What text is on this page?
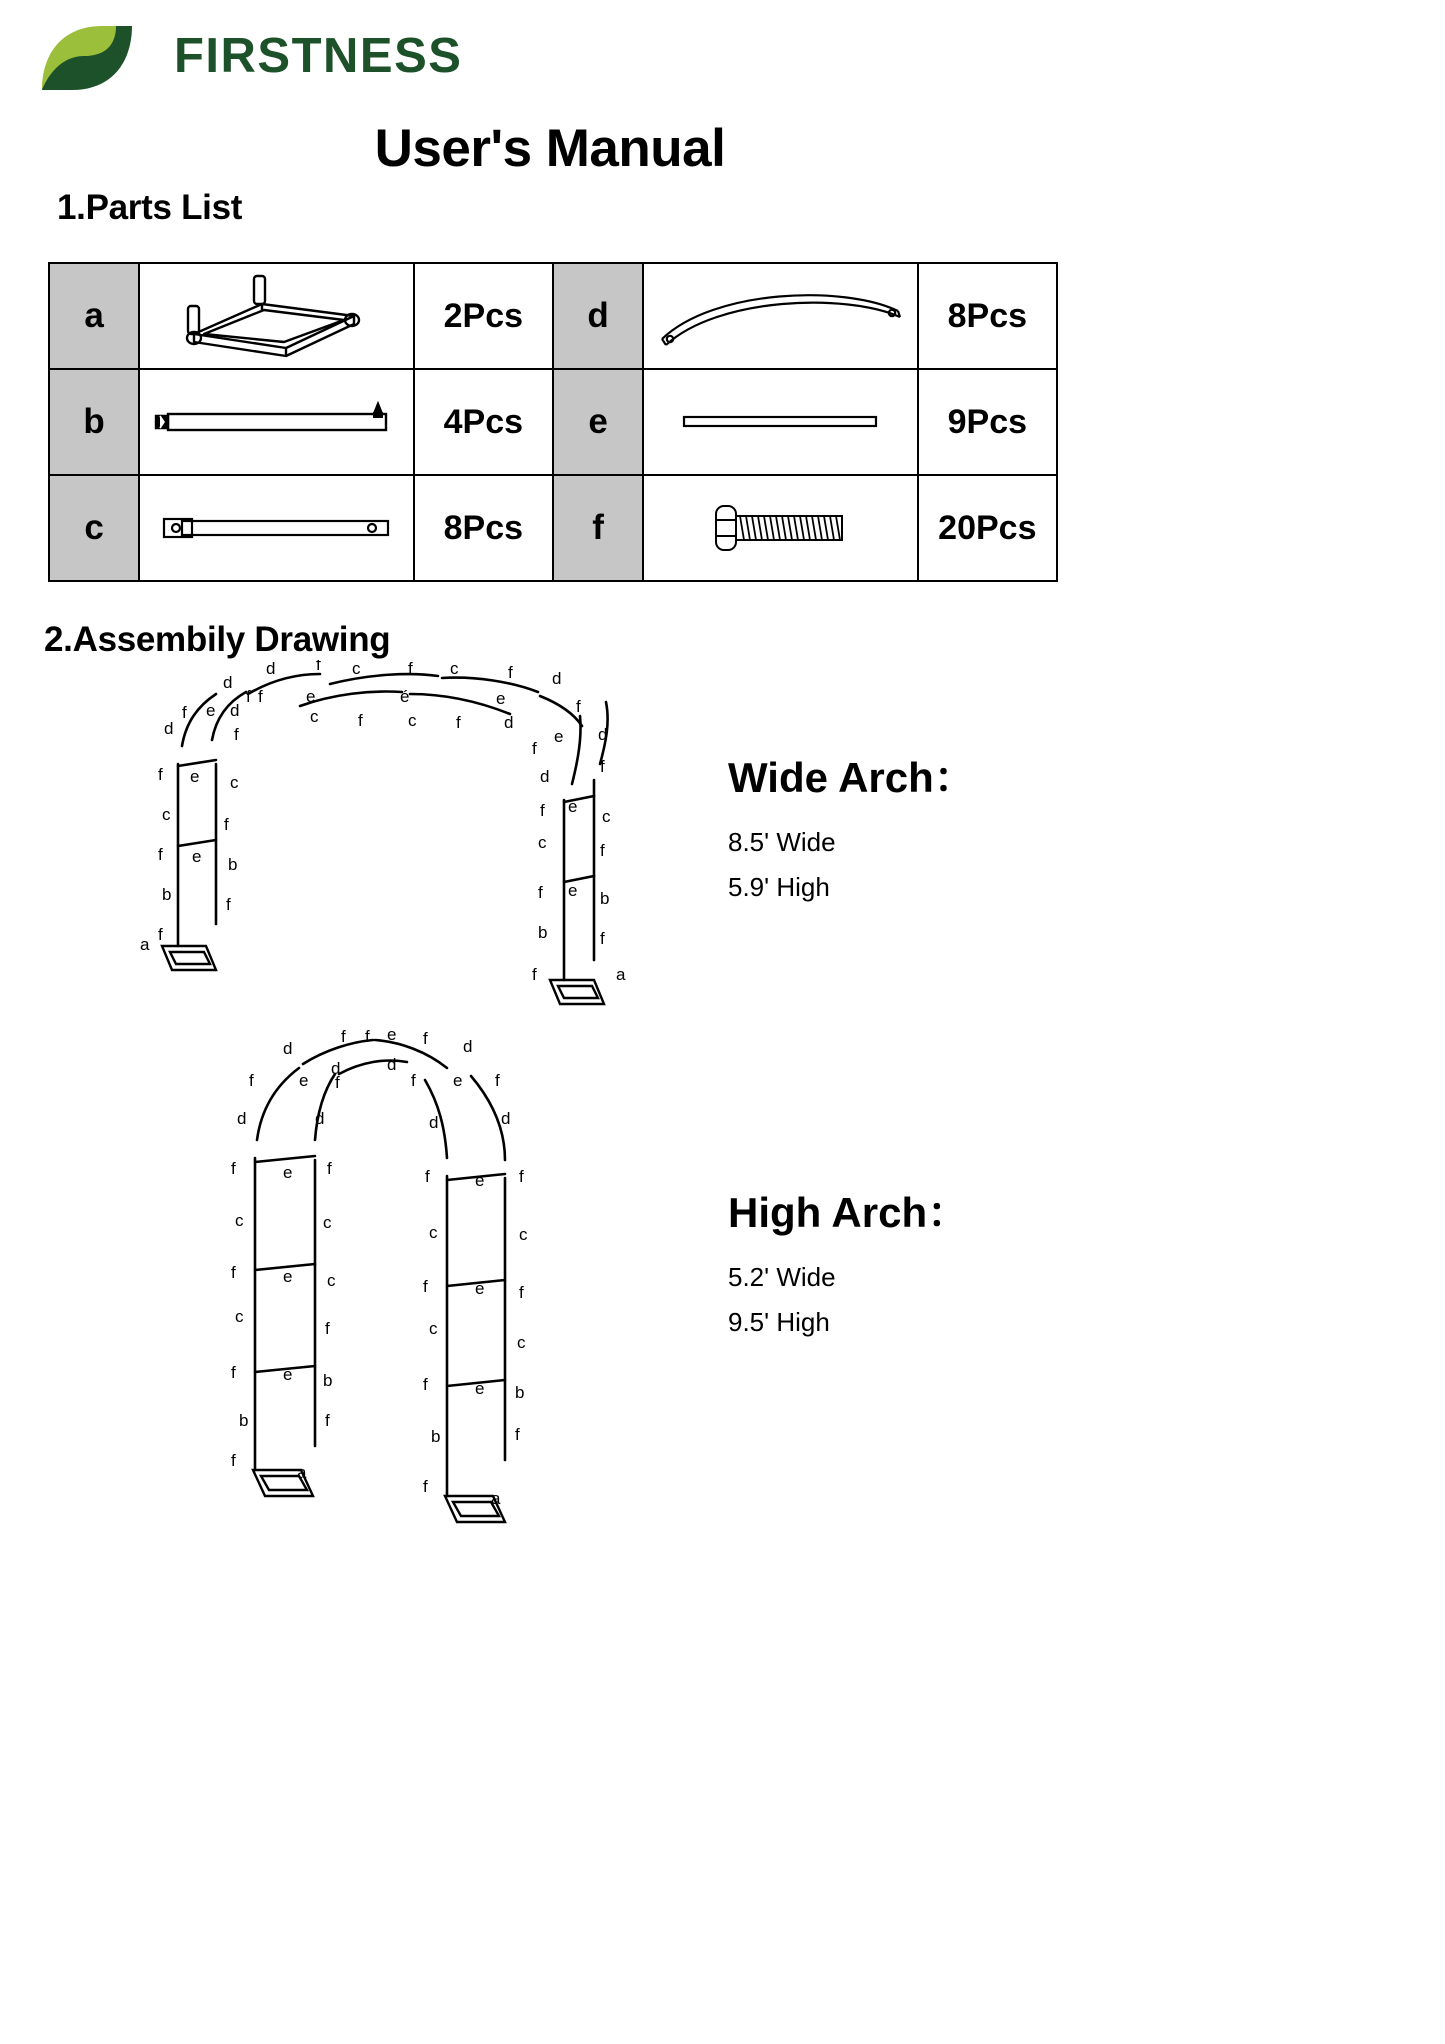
FIRSTNESS
User's Manual
1.Parts List
a		2Pcs	d		8Pcs
b		4Pcs	e		9Pcs
c		8Pcs	f		20Pcs
2.Assembily Drawing
d
d f c	f c	f d
e	é	e
c f	c f
f f
f e d
d	f
d
f
e d
f
f e c
c
f
f e b
b
f
f
a
d
f
f e
c
c	f
f e b
b	f
f	a
Wide Arch：
8.5' Wide
5.9' High
d
f f e f d
d	d
f	e f	f e f
d	d	d	d
f	e f
c	c
f	e c
c
f
f	e b
b	f
f
a
f	e f
c	c
f	e f
c
c
f	e b
b	f
f
a
High Arch：
5.2' Wide
9.5' High
